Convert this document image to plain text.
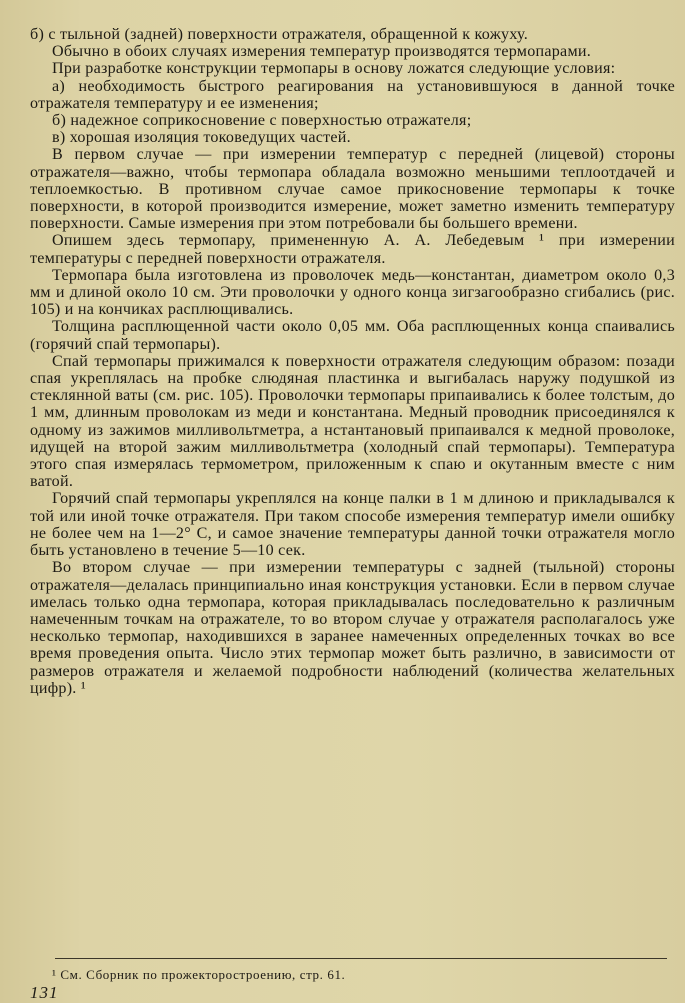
б) с тыльной (задней) поверхности отражателя, обращенной к кожуху.

Обычно в обоих случаях измерения температур производятся термопарами.

При разработке конструкции термопары в основу ложатся следующие условия:

а) необходимость быстрого реагирования на установившуюся в данной точке отражателя температуру и ее изменения;

б) надежное соприкосновение с поверхностью отражателя;

в) хорошая изоляция токоведущих частей.

В первом случае — при измерении температур с передней (лицевой) стороны отражателя—важно, чтобы термопара обладала возможно меньшими теплоотдачей и теплоемкостью. В противном случае самое прикосновение термопары к точке поверхности, в которой производится измерение, может заметно изменить температуру поверхности. Самые измерения при этом потребовали бы большего времени.

Опишем здесь термопару, примененную А. А. Лебедевым ¹ при измерении температуры с передней поверхности отражателя.

Термопара была изготовлена из проволочек медь—константан, диаметром около 0,3 мм и длиной около 10 см. Эти проволочки у одного конца зигзагообразно сгибались (рис. 105) и на кончиках расплющивались.

Толщина расплющенной части около 0,05 мм. Оба расплющенных конца спаивались (горячий спай термопары).

Спай термопары прижимался к поверхности отражателя следующим образом: позади спая укреплялась на пробке слюдяная пластинка и выгибалась наружу подушкой из стеклянной ваты (см. рис. 105). Проволочки термопары припаивались к более толстым, до 1 мм, длинным проволокам из меди и константана. Медный проводник присоединялся к одному из зажимов милливольтметра, а нстантановый припаивался к медной проволоке, идущей на второй зажим милливольтметра (холодный спай термопары). Температура этого спая измерялась термометром, приложенным к спаю и окутанным вместе с ним ватой.

Горячий спай термопары укреплялся на конце палки в 1 м длиною и прикладывался к той или иной точке отражателя. При таком способе измерения температур имели ошибку не более чем на 1—2° С, и самое значение температуры данной точки отражателя могло быть установлено в течение 5—10 сек.

Во втором случае — при измерении температуры с задней (тыльной) стороны отражателя—делалась принципиально иная конструкция установки. Если в первом случае имелась только одна термопара, которая прикладывалась последовательно к различным намеченным точкам на отражателе, то во втором случае у отражателя располагалось уже несколько термопар, находившихся в заранее намеченных определенных точках во все время проведения опыта. Число этих термопар может быть различно, в зависимости от размеров отражателя и желаемой подробности наблюдений (количества желательных цифр). ¹

¹ См. Сборник по прожекторостроению, стр. 61.
131
